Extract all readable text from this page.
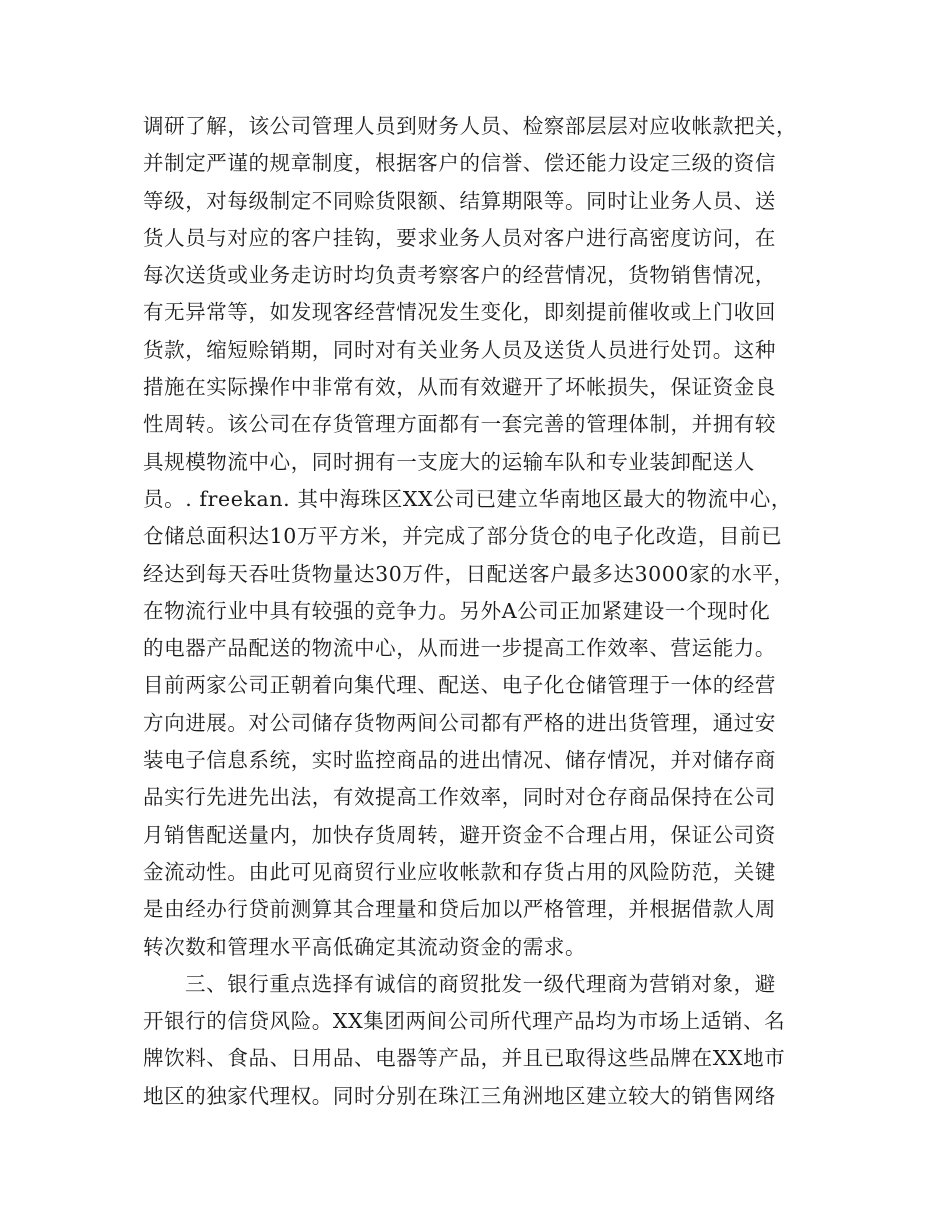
调研了解，该公司管理人员到财务人员、检察部层层对应收帐款把关，
并制定严谨的规章制度，根据客户的信誉、偿还能力设定三级的资信
等级，对每级制定不同赊货限额、结算期限等。同时让业务人员、送
货人员与对应的客户挂钩，要求业务人员对客户进行高密度访问，在
每次送货或业务走访时均负责考察客户的经营情况，货物销售情况，
有无异常等，如发现客经营情况发生变化，即刻提前催收或上门收回
货款，缩短赊销期，同时对有关业务人员及送货人员进行处罚。这种
措施在实际操作中非常有效，从而有效避开了坏帐损失，保证资金良
性周转。该公司在存货管理方面都有一套完善的管理体制，并拥有较
具规模物流中心，同时拥有一支庞大的运输车队和专业装卸配送人
员。. freekan. 其中海珠区XX公司已建立华南地区最大的物流中心，
仓储总面积达10万平方米，并完成了部分货仓的电子化改造，目前已
经达到每天吞吐货物量达30万件，日配送客户最多达3000家的水平，
在物流行业中具有较强的竞争力。另外A公司正加紧建设一个现时化
的电器产品配送的物流中心，从而进一步提高工作效率、营运能力。
目前两家公司正朝着向集代理、配送、电子化仓储管理于一体的经营
方向进展。对公司储存货物两间公司都有严格的进出货管理，通过安
装电子信息系统，实时监控商品的进出情况、储存情况，并对储存商
品实行先进先出法，有效提高工作效率，同时对仓存商品保持在公司
月销售配送量内，加快存货周转，避开资金不合理占用，保证公司资
金流动性。由此可见商贸行业应收帐款和存货占用的风险防范，关键
是由经办行贷前测算其合理量和贷后加以严格管理，并根据借款人周
转次数和管理水平高低确定其流动资金的需求。
三、银行重点选择有诚信的商贸批发一级代理商为营销对象，避
开银行的信贷风险。XX集团两间公司所代理产品均为市场上适销、名
牌饮料、食品、日用品、电器等产品，并且已取得这些品牌在XX地市
地区的独家代理权。同时分别在珠江三角洲地区建立较大的销售网络
